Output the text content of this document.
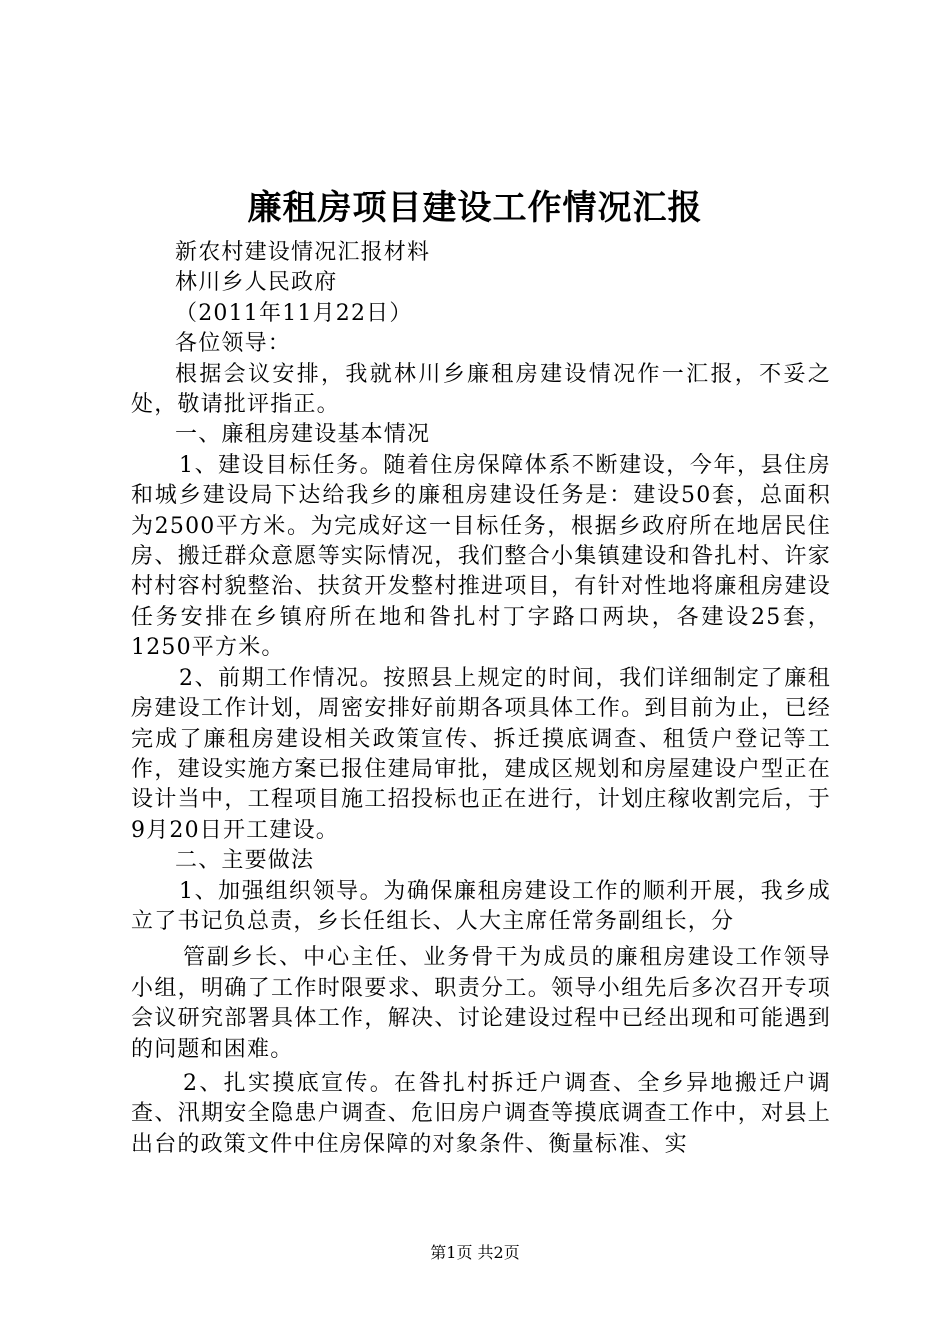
廉租房项目建设工作情况汇报

新农村建设情况汇报材料

林川乡人民政府

（2011年11月22日）

各位领导：

根据会议安排，我就林川乡廉租房建设情况作一汇报，不妥之处，敬请批评指正。

一、廉租房建设基本情况

1、建设目标任务。随着住房保障体系不断建设，今年，县住房和城乡建设局下达给我乡的廉租房建设任务是：建设50套，总面积为2500平方米。为完成好这一目标任务，根据乡政府所在地居民住房、搬迁群众意愿等实际情况，我们整合小集镇建设和昝扎村、许家村村容村貌整治、扶贫开发整村推进项目，有针对性地将廉租房建设任务安排在乡镇府所在地和昝扎村丁字路口两块，各建设25套，1250平方米。

2、前期工作情况。按照县上规定的时间，我们详细制定了廉租房建设工作计划，周密安排好前期各项具体工作。到目前为止，已经完成了廉租房建设相关政策宣传、拆迁摸底调查、租赁户登记等工作，建设实施方案已报住建局审批，建成区规划和房屋建设户型正在设计当中，工程项目施工招投标也正在进行，计划庄稼收割完后，于9月20日开工建设。

二、主要做法

1、加强组织领导。为确保廉租房建设工作的顺利开展，我乡成立了书记负总责，乡长任组长、人大主席任常务副组长，分

管副乡长、中心主任、业务骨干为成员的廉租房建设工作领导小组，明确了工作时限要求、职责分工。领导小组先后多次召开专项会议研究部署具体工作，解决、讨论建设过程中已经出现和可能遇到的问题和困难。

2、扎实摸底宣传。在昝扎村拆迁户调查、全乡异地搬迁户调查、汛期安全隐患户调查、危旧房户调查等摸底调查工作中，对县上出台的政策文件中住房保障的对象条件、衡量标准、实

第1页 共2页
